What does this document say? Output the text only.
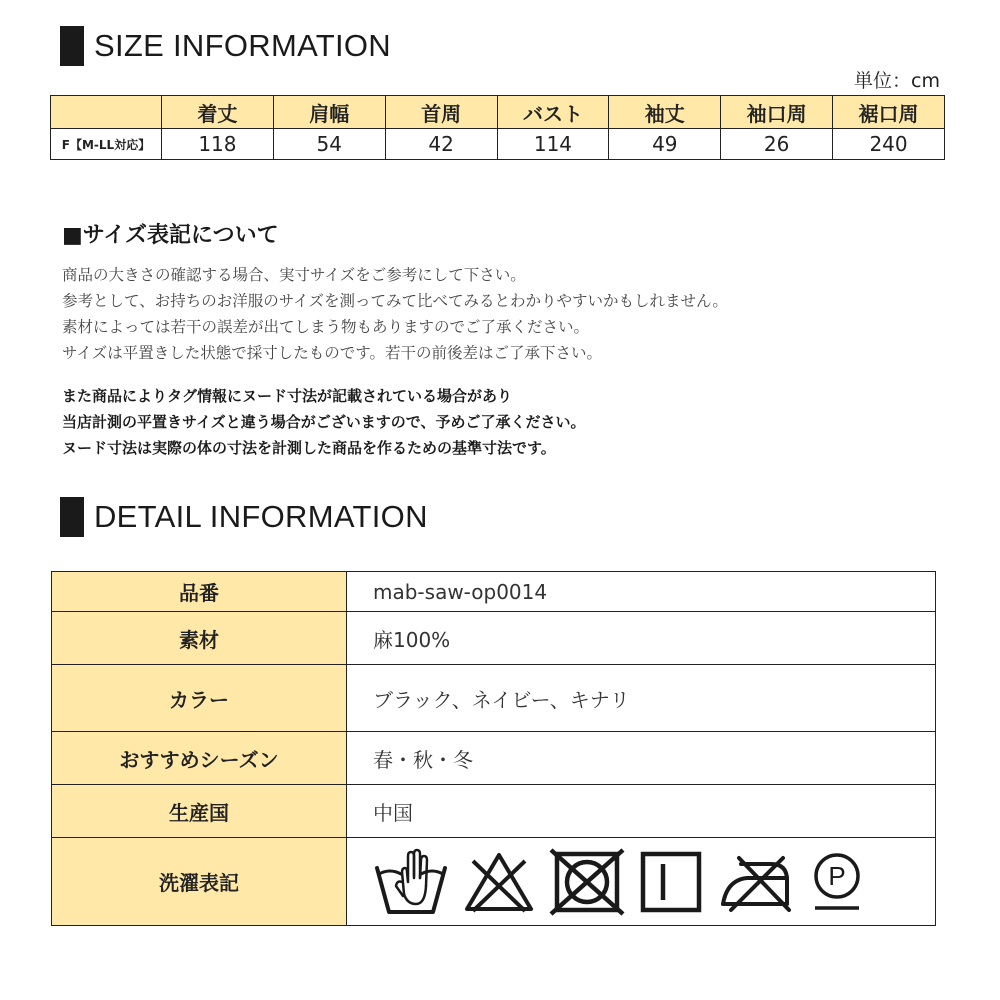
SIZE INFORMATION
単位：cm
	着丈	肩幅	首周	バスト	袖丈	袖口周	裾口周
F【M-LL対応】	118	54	42	114	49	26	240
■サイズ表記について
商品の大きさの確認する場合、実寸サイズをご参考にして下さい。
参考として、お持ちのお洋服のサイズを測ってみて比べてみるとわかりやすいかもしれません。
素材によっては若干の誤差が出てしまう物もありますのでご了承ください。
サイズは平置きした状態で採寸したものです。若干の前後差はご了承下さい。
また商品によりタグ情報にヌード寸法が記載されている場合があり
当店計測の平置きサイズと違う場合がございますので、予めご了承ください。
ヌード寸法は実際の体の寸法を計測した商品を作るための基準寸法です。
DETAIL INFORMATION
品番	mab-saw-op0014
素材	麻100%
カラー	ブラック、ネイビー、キナリ
おすすめシーズン	春・秋・冬
生産国	中国
洗濯表記	P
